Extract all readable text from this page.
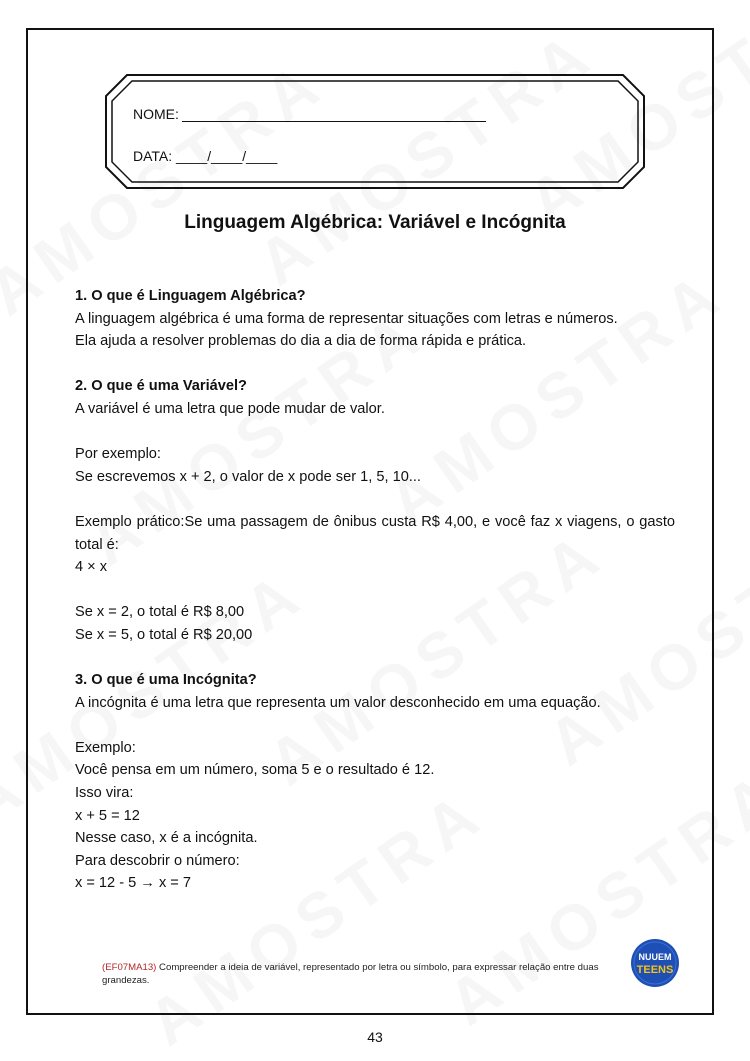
NOME:
DATA: ____/____/____
Linguagem Algébrica: Variável e Incógnita
1. O que é Linguagem Algébrica?

A linguagem algébrica é uma forma de representar situações com letras e números.

Ela ajuda a resolver problemas do dia a dia de forma rápida e prática.

2. O que é uma Variável?

A variável é uma letra que pode mudar de valor.

Por exemplo:

Se escrevemos x + 2, o valor de x pode ser 1, 5, 10...

Exemplo prático:Se uma passagem de ônibus custa R$ 4,00, e você faz x viagens, o gasto total é:

4 × x

Se x = 2, o total é R$ 8,00

Se x = 5, o total é R$ 20,00

3. O que é uma Incógnita?

A incógnita é uma letra que representa um valor desconhecido em uma equação.

Exemplo:

Você pensa em um número, soma 5 e o resultado é 12.

Isso vira:

x + 5 = 12

Nesse caso, x é a incógnita.

Para descobrir o número:

x = 12 - 5 → x = 7

(EF07MA13) Compreender a ideia de variável, representado por letra ou símbolo, para expressar relação entre duas grandezas.
NUUEM
TEENS
43
